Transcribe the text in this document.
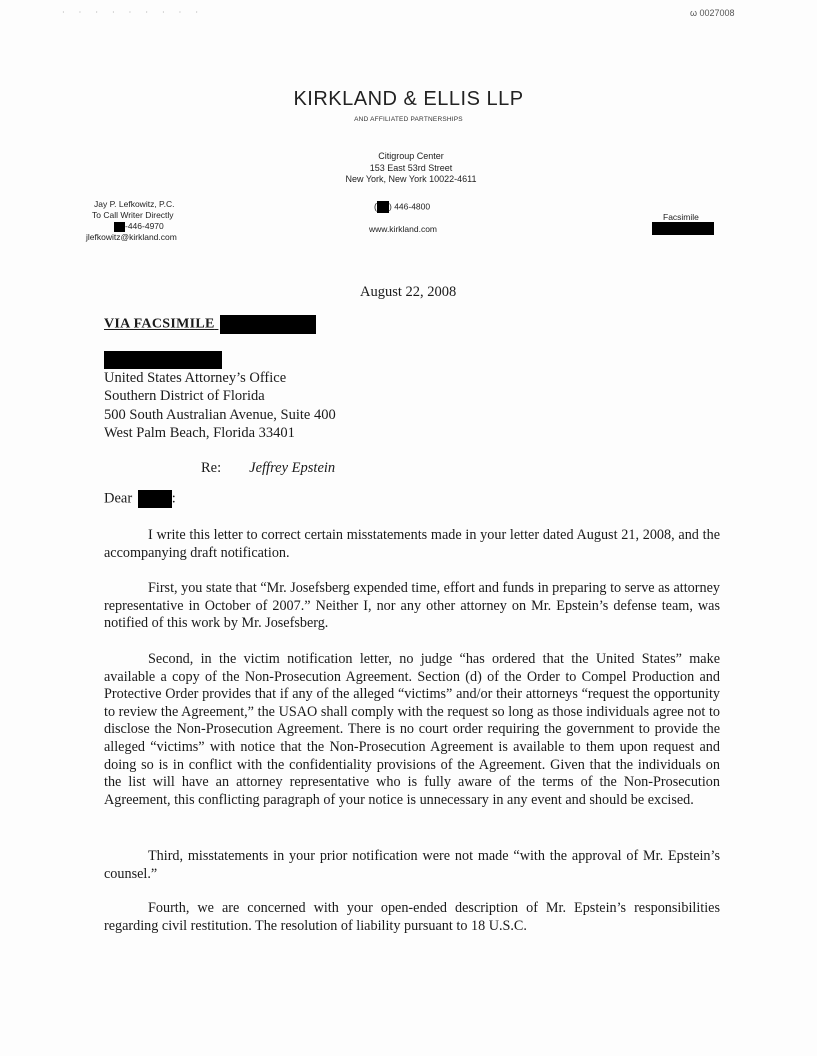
· · · · · · · · ·	ω 0027008
KIRKLAND & ELLIS LLP
AND AFFILIATED PARTNERSHIPS
Citigroup Center
153 East 53rd Street
New York, New York 10022-4611
( ) 446-4800
www.kirkland.com
Jay P. Lefkowitz, P.C.
To Call Writer Directly
-446-4970
jlefkowitz@kirkland.com
Facsimile
August 22, 2008
VIA FACSIMILE
United States Attorney’s Office
Southern District of Florida
500 South Australian Avenue, Suite 400
West Palm Beach, Florida 33401
Re: Jeffrey Epstein
Dear	:
I write this letter to correct certain misstatements made in your letter dated August 21, 2008, and the accompanying draft notification.
First, you state that “Mr. Josefsberg expended time, effort and funds in preparing to serve as attorney representative in October of 2007.” Neither I, nor any other attorney on Mr. Epstein’s defense team, was notified of this work by Mr. Josefsberg.
Second, in the victim notification letter, no judge “has ordered that the United States” make available a copy of the Non-Prosecution Agreement. Section (d) of the Order to Compel Production and Protective Order provides that if any of the alleged “victims” and/or their attorneys “request the opportunity to review the Agreement,” the USAO shall comply with the request so long as those individuals agree not to disclose the Non-Prosecution Agreement. There is no court order requiring the government to provide the alleged “victims” with notice that the Non-Prosecution Agreement is available to them upon request and doing so is in conflict with the confidentiality provisions of the Agreement. Given that the individuals on the list will have an attorney representative who is fully aware of the terms of the Non-Prosecution Agreement, this conflicting paragraph of your notice is unnecessary in any event and should be excised.
Third, misstatements in your prior notification were not made “with the approval of Mr. Epstein’s counsel.”
Fourth, we are concerned with your open-ended description of Mr. Epstein’s responsibilities regarding civil restitution. The resolution of liability pursuant to 18 U.S.C.
